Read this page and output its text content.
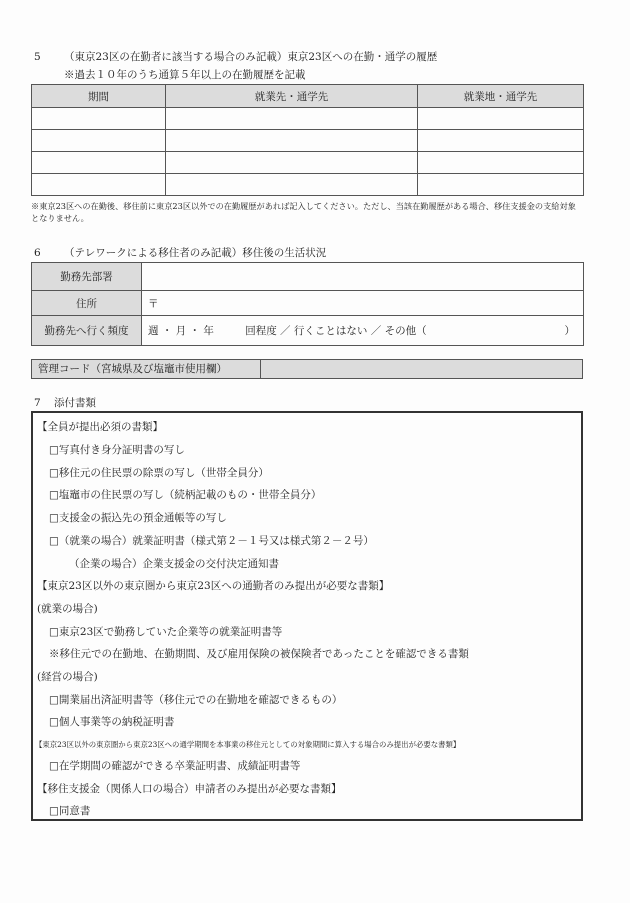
5 （東京23区の在勤者に該当する場合のみ記載）東京23区への在勤・通学の履歴
※過去１０年のうち通算５年以上の在勤履歴を記載
期間	就業先・通学先	就業地・通学先

※東京23区への在勤後、移住前に東京23区以外での在勤履歴があれば記入してください。ただし、当該在勤履歴がある場合、移住支援金の支給対象となりません。
6 （テレワークによる移住者のみ記載）移住後の生活状況
勤務先部署	
住所	〒
勤務先へ行く頻度	週 ・ 月 ・ 年 回程度 ／ 行くことはない ／ その他（ ）
管理コード（宮城県及び塩竈市使用欄）
7 添付書類
【全員が提出必須の書類】
□写真付き身分証明書の写し
□移住元の住民票の除票の写し（世帯全員分）
□塩竈市の住民票の写し（続柄記載のもの・世帯全員分）
□支援金の振込先の預金通帳等の写し
□（就業の場合）就業証明書（様式第２－１号又は様式第２－２号）
（企業の場合）企業支援金の交付決定通知書
【東京23区以外の東京圏から東京23区への通勤者のみ提出が必要な書類】
(就業の場合)
□東京23区で勤務していた企業等の就業証明書等
※移住元での在勤地、在勤期間、及び雇用保険の被保険者であったことを確認できる書類
(経営の場合)
□開業届出済証明書等（移住元での在勤地を確認できるもの）
□個人事業等の納税証明書
【東京23区以外の東京圏から東京23区への通学期間を本事業の移住元としての対象期間に算入する場合のみ提出が必要な書類】
□在学期間の確認ができる卒業証明書、成績証明書等
【移住支援金（関係人口の場合）申請者のみ提出が必要な書類】
□同意書
